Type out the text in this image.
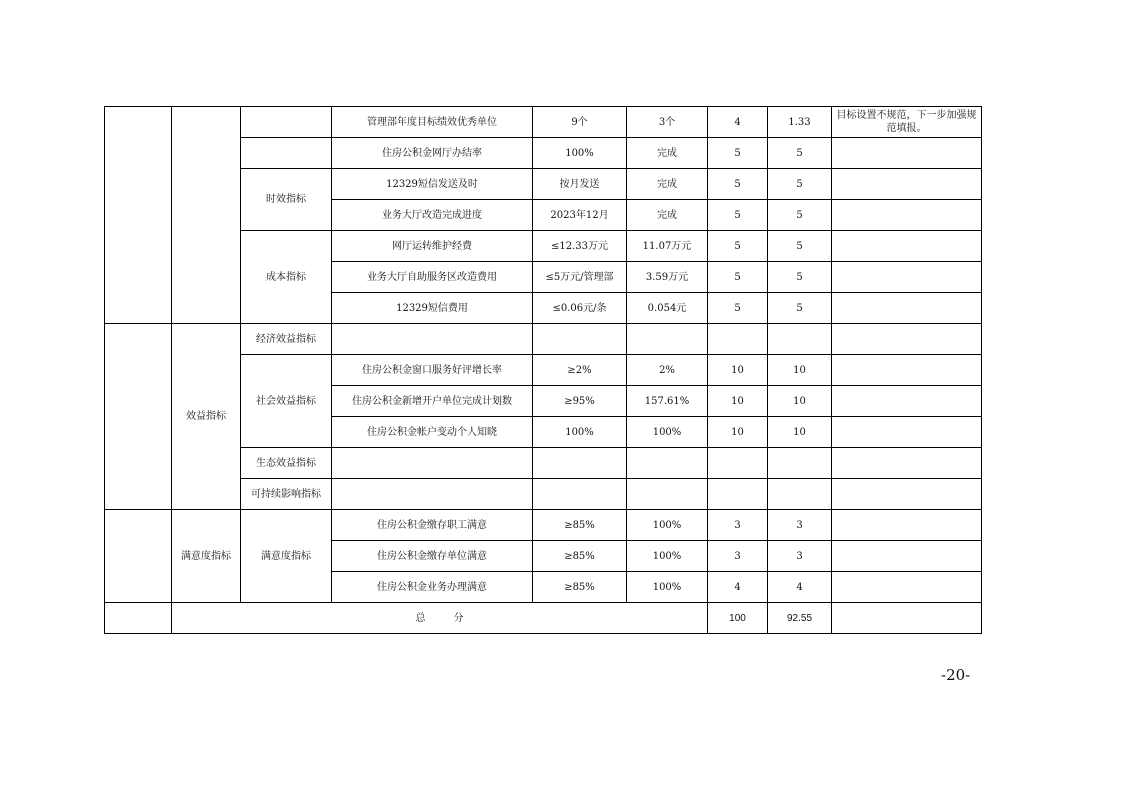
			管理部年度目标绩效优秀单位	9个	3个	4	1.33	目标设置不规范，下一步加强规范填报。
			住房公积金网厅办结率	100%	完成	5	5	
		时效指标	12329短信发送及时	按月发送	完成	5	5	
			业务大厅改造完成进度	2023年12月	完成	5	5	
		成本指标	网厅运转维护经费	≤12.33万元	11.07万元	5	5	
			业务大厅自助服务区改造费用	≤5万元/管理部	3.59万元	5	5	
			12329短信费用	≤0.06元/条	0.054元	5	5	
	效益指标	经济效益指标						
		社会效益指标	住房公积金窗口服务好评增长率	≥2%	2%	10	10	
			住房公积金新增开户单位完成计划数	≥95%	157.61%	10	10	
			住房公积金帐户变动个人知晓	100%	100%	10	10	
		生态效益指标						
		可持续影响指标						
	满意度指标	满意度指标	住房公积金缴存职工满意	≥85%	100%	3	3	
			住房公积金缴存单位满意	≥85%	100%	3	3	
			住房公积金业务办理满意	≥85%	100%	4	4	
	总 分					100	92.55	
-20-
